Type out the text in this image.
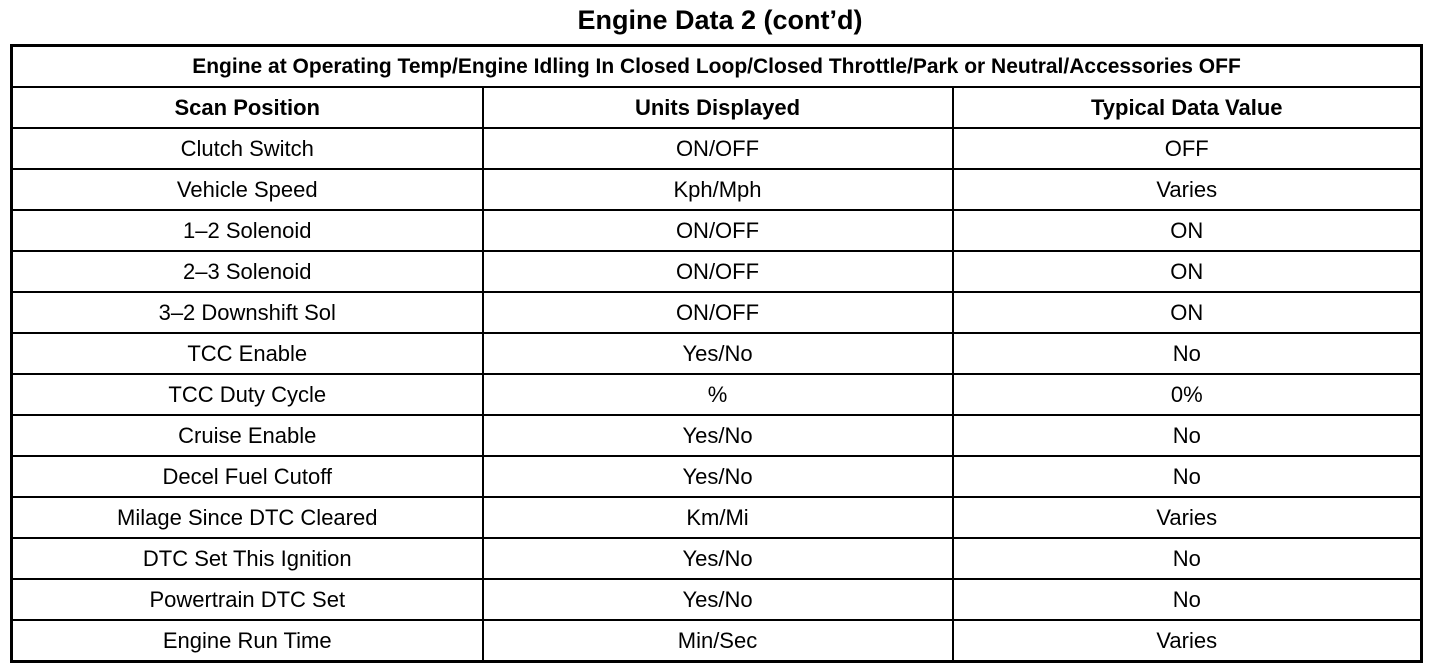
Engine Data 2 (cont’d)
Engine at Operating Temp/Engine Idling In Closed Loop/Closed Throttle/Park or Neutral/Accessories OFF		
Scan Position	Units Displayed	Typical Data Value
Clutch Switch	ON/OFF	OFF
Vehicle Speed	Kph/Mph	Varies
1–2 Solenoid	ON/OFF	ON
2–3 Solenoid	ON/OFF	ON
3–2 Downshift Sol	ON/OFF	ON
TCC Enable	Yes/No	No
TCC Duty Cycle	%	0%
Cruise Enable	Yes/No	No
Decel Fuel Cutoff	Yes/No	No
Milage Since DTC Cleared	Km/Mi	Varies
DTC Set This Ignition	Yes/No	No
Powertrain DTC Set	Yes/No	No
Engine Run Time	Min/Sec	Varies
